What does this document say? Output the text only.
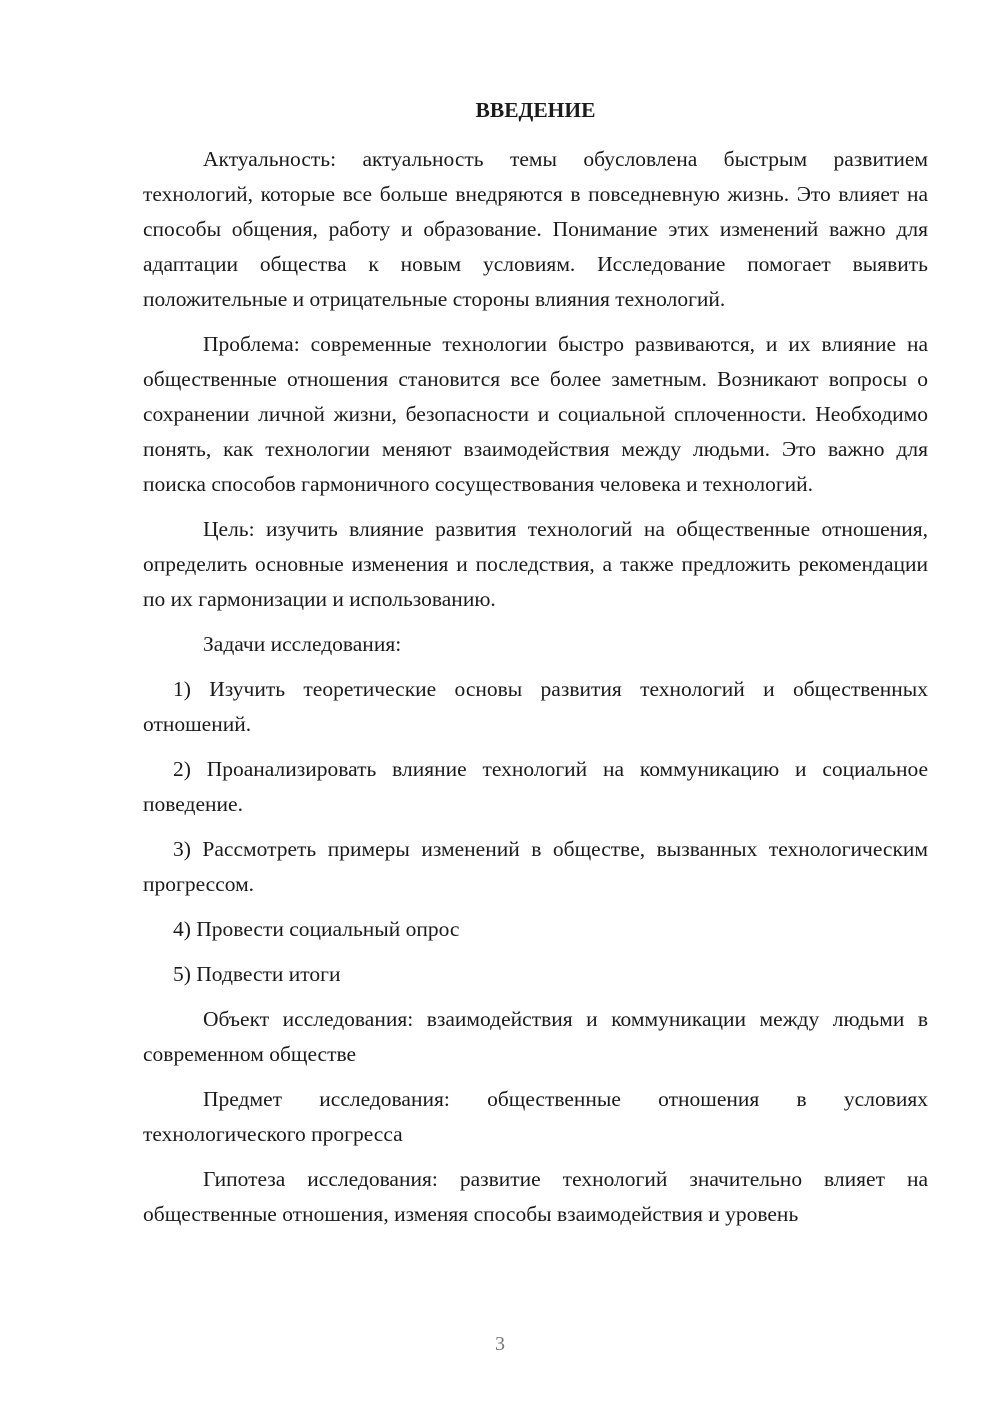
ВВЕДЕНИЕ

Актуальность: актуальность темы обусловлена быстрым развитием технологий, которые все больше внедряются в повседневную жизнь. Это влияет на способы общения, работу и образование. Понимание этих изменений важно для адаптации общества к новым условиям. Исследование помогает выявить положительные и отрицательные стороны влияния технологий.

Проблема: современные технологии быстро развиваются, и их влияние на общественные отношения становится все более заметным. Возникают вопросы о сохранении личной жизни, безопасности и социальной сплоченности. Необходимо понять, как технологии меняют взаимодействия между людьми. Это важно для поиска способов гармоничного сосуществования человека и технологий.

Цель: изучить влияние развития технологий на общественные отношения, определить основные изменения и последствия, а также предложить рекомендации по их гармонизации и использованию.

Задачи исследования:

1) Изучить теоретические основы развития технологий и общественных отношений.

2) Проанализировать влияние технологий на коммуникацию и социальное поведение.

3) Рассмотреть примеры изменений в обществе, вызванных технологическим прогрессом.

4) Провести социальный опрос

5) Подвести итоги

Объект исследования: взаимодействия и коммуникации между людьми в современном обществе

Предмет исследования: общественные отношения в условиях технологического прогресса

Гипотеза исследования: развитие технологий значительно влияет на общественные отношения, изменяя способы взаимодействия и уровень

3
